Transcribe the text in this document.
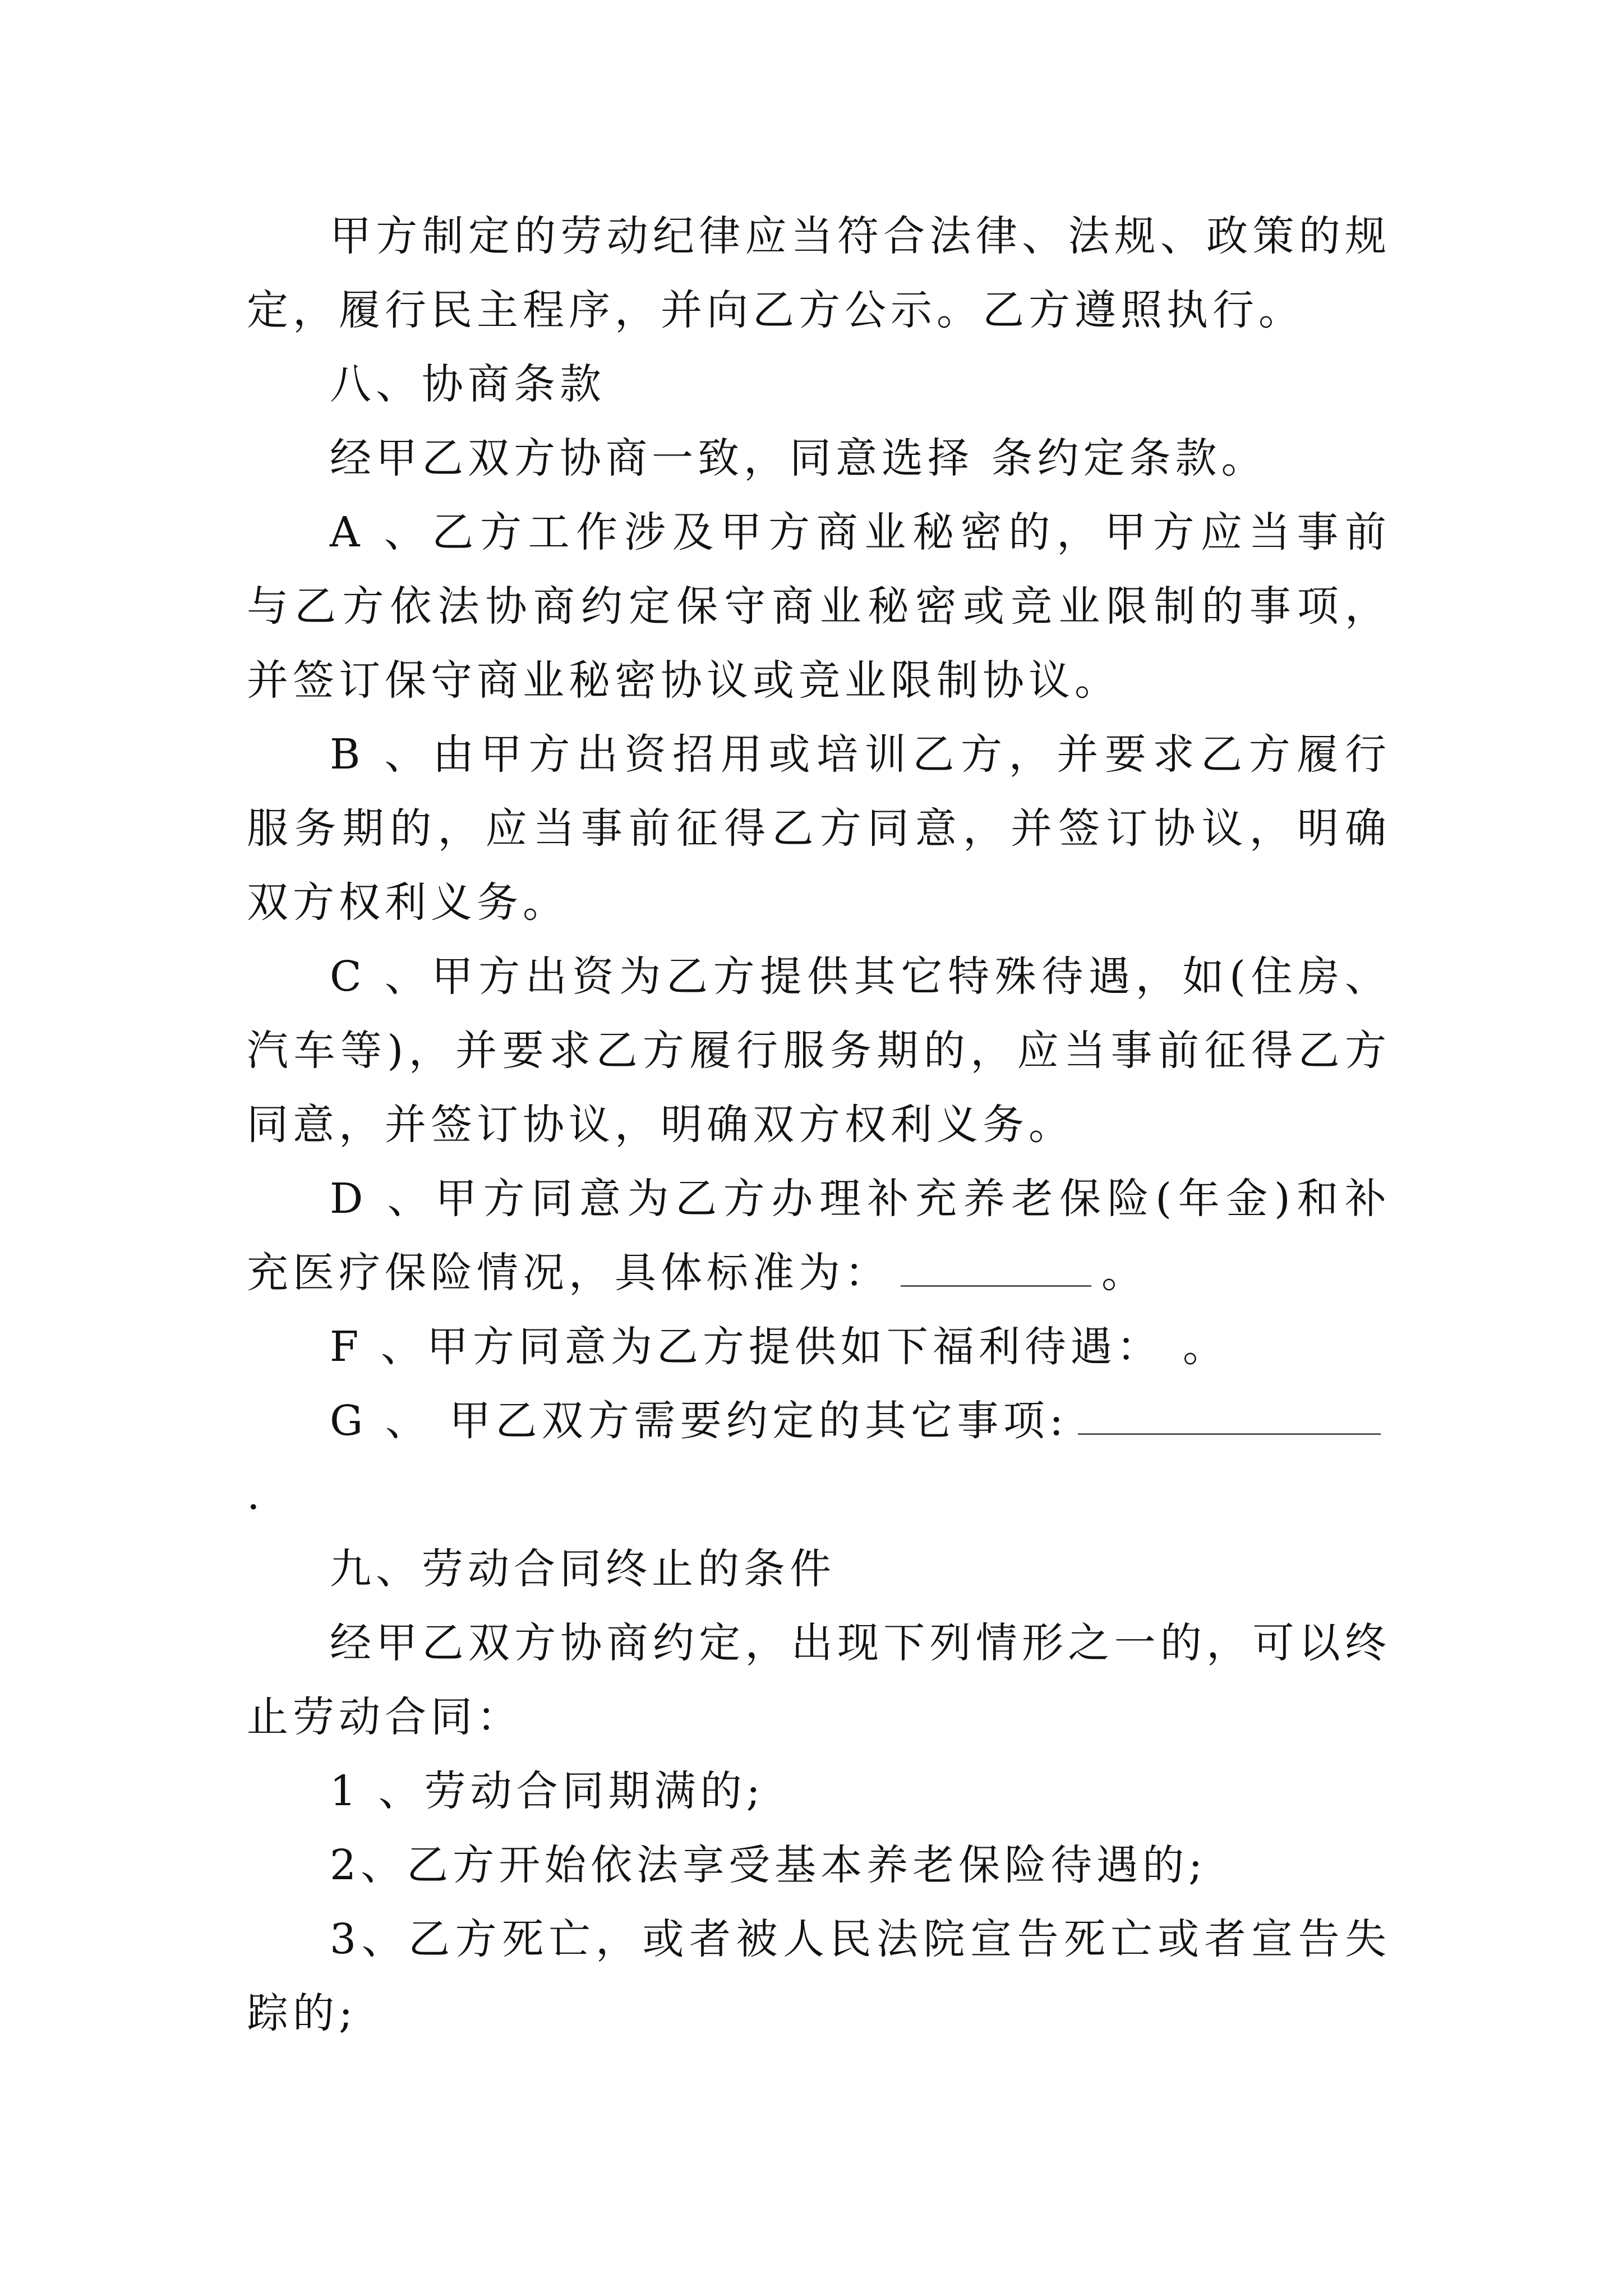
甲方制定的劳动纪律应当符合法律、法规、政策的规定，履行民主程序，并向乙方公示。乙方遵照执行。

八、协商条款

经甲乙双方协商一致，同意选择 条约定条款。

A 、乙方工作涉及甲方商业秘密的，甲方应当事前与乙方依法协商约定保守商业秘密或竞业限制的事项，并签订保守商业秘密协议或竞业限制协议。

B 、由甲方出资招用或培训乙方，并要求乙方履行服务期的，应当事前征得乙方同意，并签订协议，明确双方权利义务。

C 、甲方出资为乙方提供其它特殊待遇，如(住房、汽车等)，并要求乙方履行服务期的，应当事前征得乙方同意，并签订协议，明确双方权利义务。

D 、甲方同意为乙方办理补充养老保险(年金)和补充医疗保险情况，具体标准为：	。

F 、甲方同意为乙方提供如下福利待遇： 。

G 、 甲乙双方需要约定的其它事项:.

九、劳动合同终止的条件

经甲乙双方协商约定，出现下列情形之一的，可以终止劳动合同：

1 、劳动合同期满的;

2、乙方开始依法享受基本养老保险待遇的;

3、乙方死亡，或者被人民法院宣告死亡或者宣告失踪的;
